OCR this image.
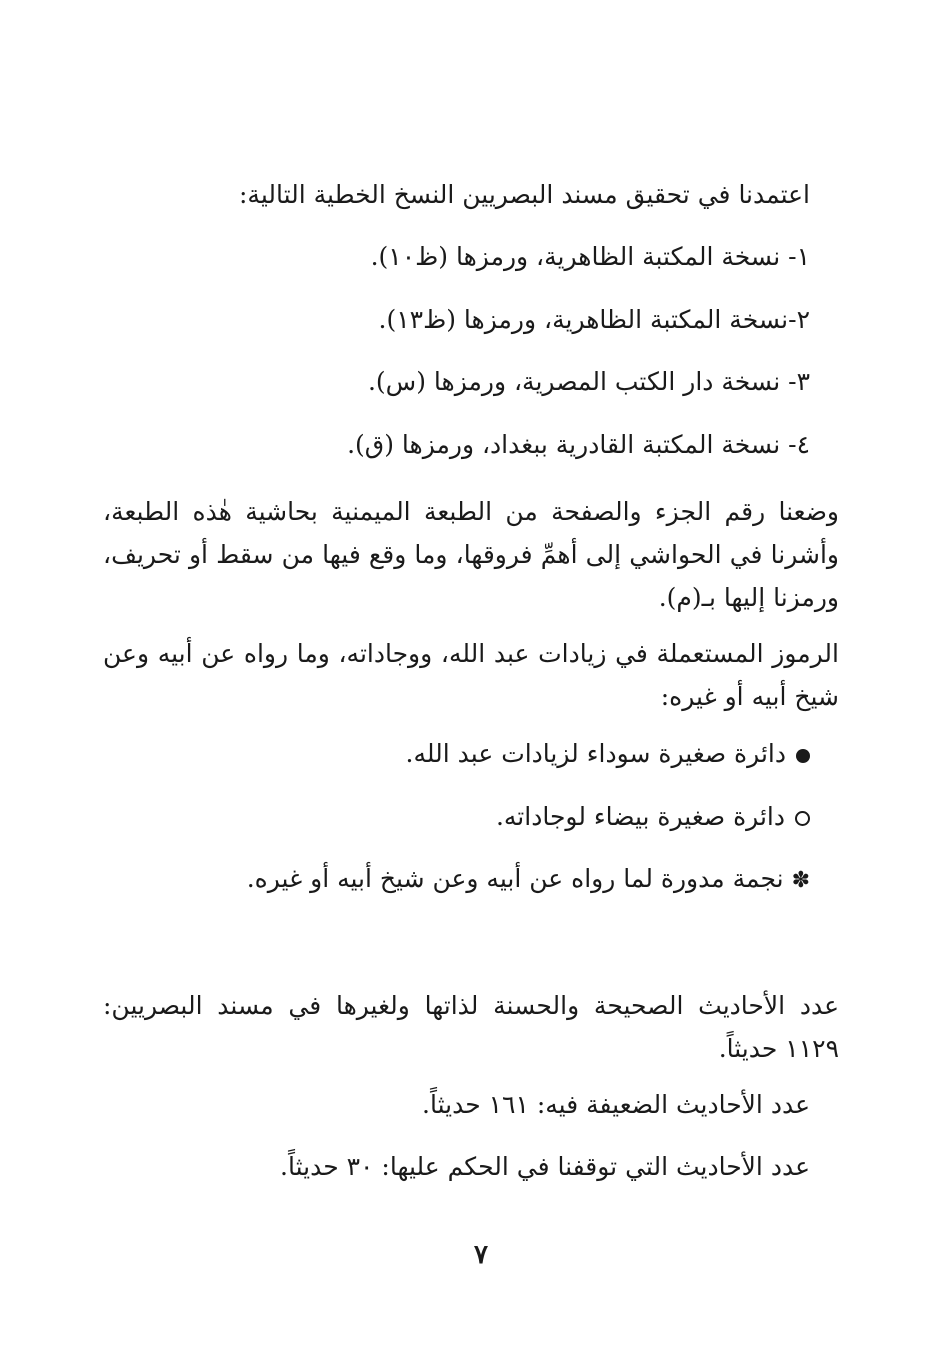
اعتمدنا في تحقيق مسند البصريين النسخ الخطية التالية:
١- نسخة المكتبة الظاهرية، ورمزها (ظ١٠).
٢-نسخة المكتبة الظاهرية، ورمزها (ظ١٣).
٣- نسخة دار الكتب المصرية، ورمزها (س).
٤- نسخة المكتبة القادرية ببغداد، ورمزها (ق).
وضعنا رقم الجزء والصفحة من الطبعة الميمنية بحاشية هٰذه الطبعة، وأشرنا في الحواشي إلى أهمِّ فروقها، وما وقع فيها من سقط أو تحريف، ورمزنا إليها بـ(م).
الرموز المستعملة في زيادات عبد الله، ووجاداته، وما رواه عن أبيه وعن شيخ أبيه أو غيره:
دائرة صغيرة سوداء لزيادات عبد الله.
دائرة صغيرة بيضاء لوجاداته.
✽نجمة مدورة لما رواه عن أبيه وعن شيخ أبيه أو غيره.
عدد الأحاديث الصحيحة والحسنة لذاتها ولغيرها في مسند البصريين: ١١٢٩ حديثاً.
عدد الأحاديث الضعيفة فيه: ١٦١ حديثاً.
عدد الأحاديث التي توقفنا في الحكم عليها: ٣٠ حديثاً.
٧
